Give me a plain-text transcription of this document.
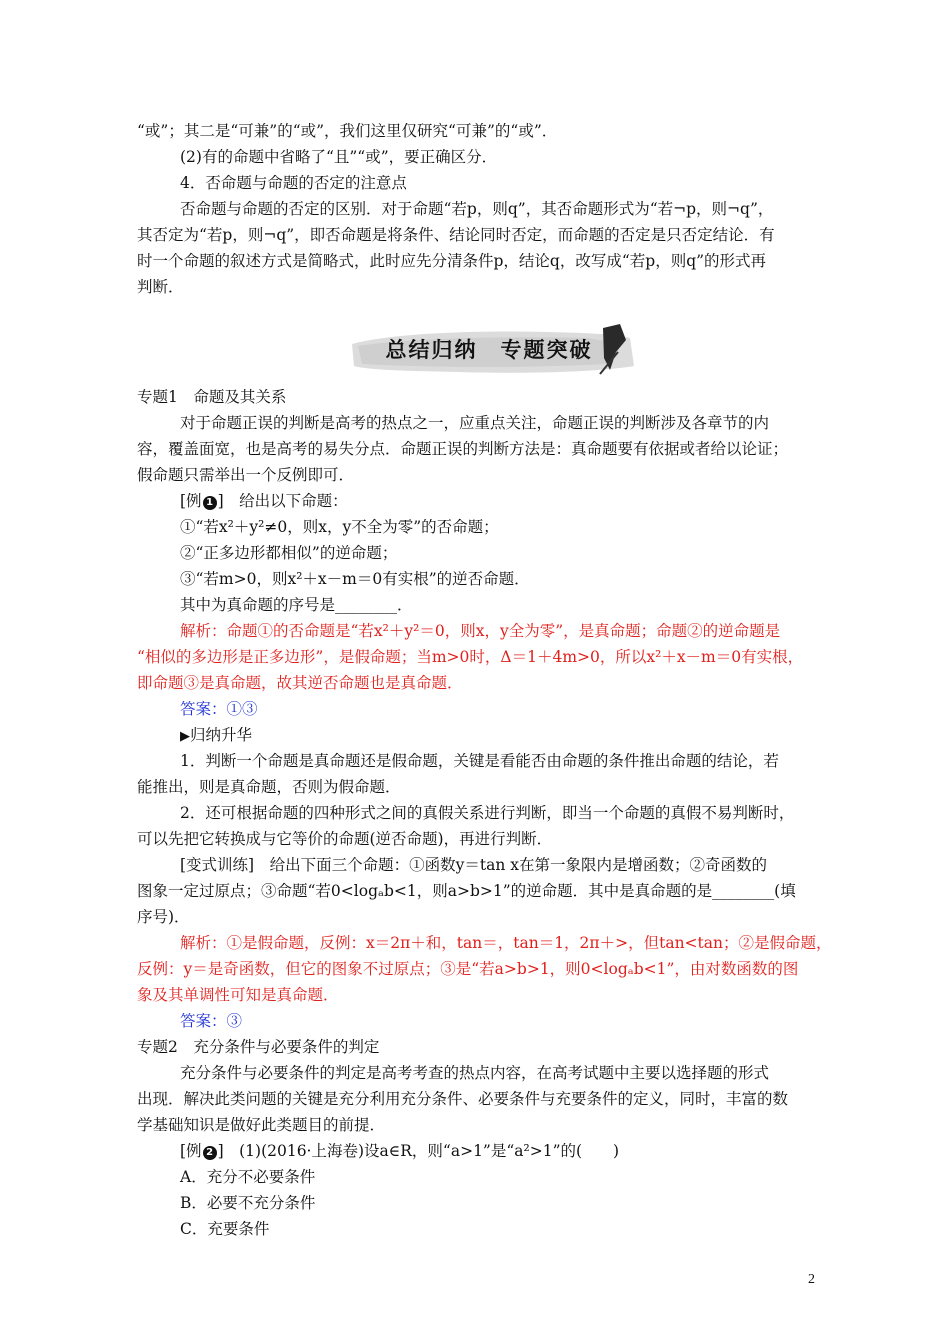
“或”；其二是“可兼”的“或”，我们这里仅研究“可兼”的“或”．
(2)有的命题中省略了“且”“或”，要正确区分．
4．否命题与命题的否定的注意点
否命题与命题的否定的区别．对于命题“若p，则q”，其否命题形式为“若¬p，则¬q”，
其否定为“若p，则¬q”，即否命题是将条件、结论同时否定，而命题的否定是只否定结论．有
时一个命题的叙述方式是简略式，此时应先分清条件p，结论q，改写成“若p，则q”的形式再
判断．
总结归纳　专题突破
专题1　命题及其关系
对于命题正误的判断是高考的热点之一，应重点关注，命题正误的判断涉及各章节的内
容，覆盖面宽，也是高考的易失分点．命题正误的判断方法是：真命题要有依据或者给以论证；
假命题只需举出一个反例即可．
[例 1 ]　给出以下命题：
①“若x²＋y²≠0，则x，y不全为零”的否命题；
②“正多边形都相似”的逆命题；
③“若m>0，则x²＋x－m＝0有实根”的逆否命题．
其中为真命题的序号是________．
解析：命题①的否命题是“若x²＋y²＝0，则x，y全为零”，是真命题；命题②的逆命题是
“相似的多边形是正多边形”，是假命题；当m>0时，Δ＝1＋4m>0，所以x²＋x－m＝0有实根，
即命题③是真命题，故其逆否命题也是真命题．
答案：①③
▶归纳升华
1．判断一个命题是真命题还是假命题，关键是看能否由命题的条件推出命题的结论，若
能推出，则是真命题，否则为假命题．
2．还可根据命题的四种形式之间的真假关系进行判断，即当一个命题的真假不易判断时，
可以先把它转换成与它等价的命题(逆否命题)，再进行判断．
[变式训练]　给出下面三个命题：①函数y＝tan x在第一象限内是增函数；②奇函数的
图象一定过原点；③命题“若0<logₐb<1，则a>b>1”的逆命题．其中是真命题的是________(填
序号)．
解析：①是假命题，反例：x＝2π＋和，tan＝，tan＝1，2π＋>，但tan<tan；②是假命题，
反例：y＝是奇函数，但它的图象不过原点；③是“若a>b>1，则0<logₐb<1”，由对数函数的图
象及其单调性可知是真命题．
答案：③
专题2　充分条件与必要条件的判定
充分条件与必要条件的判定是高考考查的热点内容，在高考试题中主要以选择题的形式
出现．解决此类问题的关键是充分利用充分条件、必要条件与充要条件的定义，同时，丰富的数
学基础知识是做好此类题目的前提．
[例 2 ]　(1)(2016·上海卷)设a∈R，则“a>1”是“a²>1”的(　　)
A．充分不必要条件
B．必要不充分条件
C．充要条件
2
